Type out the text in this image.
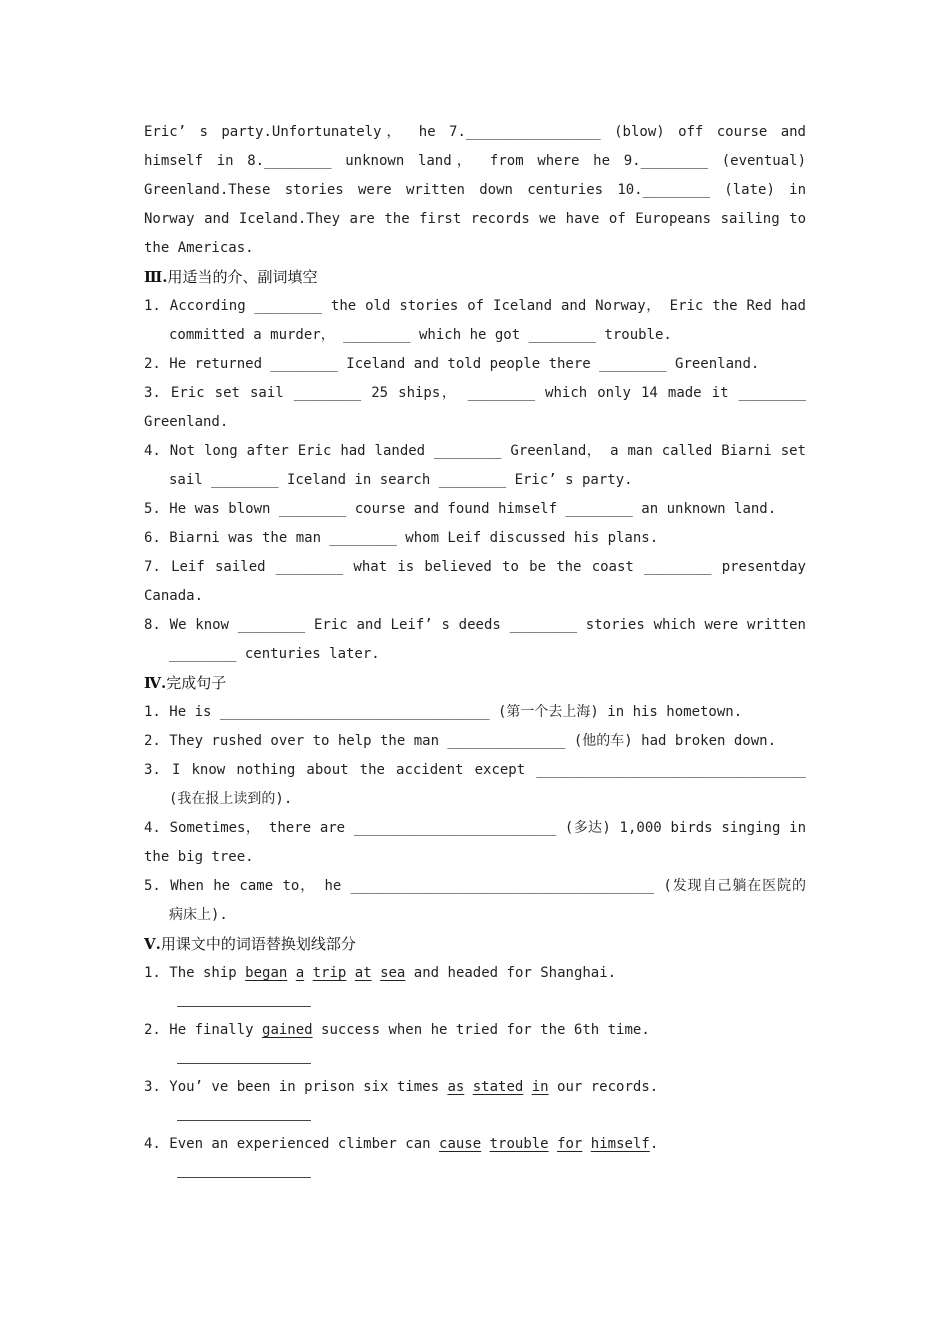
Eric’ s party.Unfortunately， he 7.________________ (blow) off course and
himself in 8.________ unknown land， from where he 9.________ (eventual)
Greenland.These stories were written down centuries 10.________ (late) in
Norway and Iceland.They are the first records we have of Europeans sailing to
the Americas.
Ⅲ.用适当的介、副词填空
1. According ________ the old stories of Iceland and Norway， Eric the Red had
committed a murder， ________ which he got ________ trouble.
2. He returned ________ Iceland and told people there ________ Greenland.
3. Eric set sail ________ 25 ships， ________ which only 14 made it ________
Greenland.
4. Not long after Eric had landed ________ Greenland， a man called Biarni set
sail ________ Iceland in search ________ Eric’ s party.
5. He was blown ________ course and found himself ________ an unknown land.
6. Biarni was the man ________ whom Leif discussed his plans.
7. Leif sailed ________ what is believed to be the coast ________ presentday
Canada.
8. We know ________ Eric and Leif’ s deeds ________ stories which were written
________ centuries later.
Ⅳ.完成句子
1. He is ________________________________ (第一个去上海) in his hometown.
2. They rushed over to help the man ______________ (他的车) had broken down.
3. I know nothing about the accident except ________________________________
(我在报上读到的).
4. Sometimes， there are ________________________ (多达) 1,000 birds singing in
the big tree.
5. When he came to， he ____________________________________ (发现自己躺在医院的
病床上).
Ⅴ.用课文中的词语替换划线部分
1. The ship began a trip at sea and headed for Shanghai.
2. He finally gained success when he tried for the 6th time.
3. You’ ve been in prison six times as stated in our records.
4. Even an experienced climber can cause trouble for himself.
